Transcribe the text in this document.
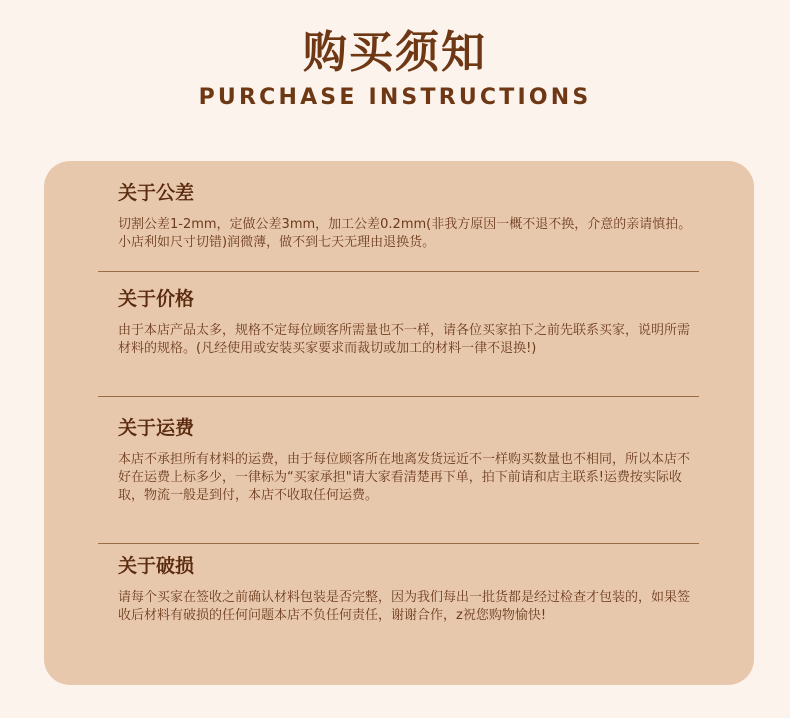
购买须知
PURCHASE INSTRUCTIONS
关于公差

切割公差1-2mm，定做公差3mm，加工公差0.2mm(非我方原因一概不退不换，介意的亲请慎拍。小店利如尺寸切错)润微薄，做不到七天无理由退换货。

关于价格

由于本店产品太多，规格不定每位顾客所需量也不一样，请各位买家拍下之前先联系买家，说明所需材料的规格。(凡经使用或安装买家要求而裁切或加工的材料一律不退换!)

关于运费

本店不承担所有材料的运费，由于每位顾客所在地离发货远近不一样购买数量也不相同，所以本店不好在运费上标多少，一律标为“买家承担"请大家看清楚再下单，拍下前请和店主联系!运费按实际收取，物流一般是到付，本店不收取任何运费。

关于破损

请每个买家在签收之前确认材料包装是否完整，因为我们每出一批货都是经过检查才包装的，如果签收后材料有破损的任何问题本店不负任何责任，谢谢合作，z祝您购物愉快!
